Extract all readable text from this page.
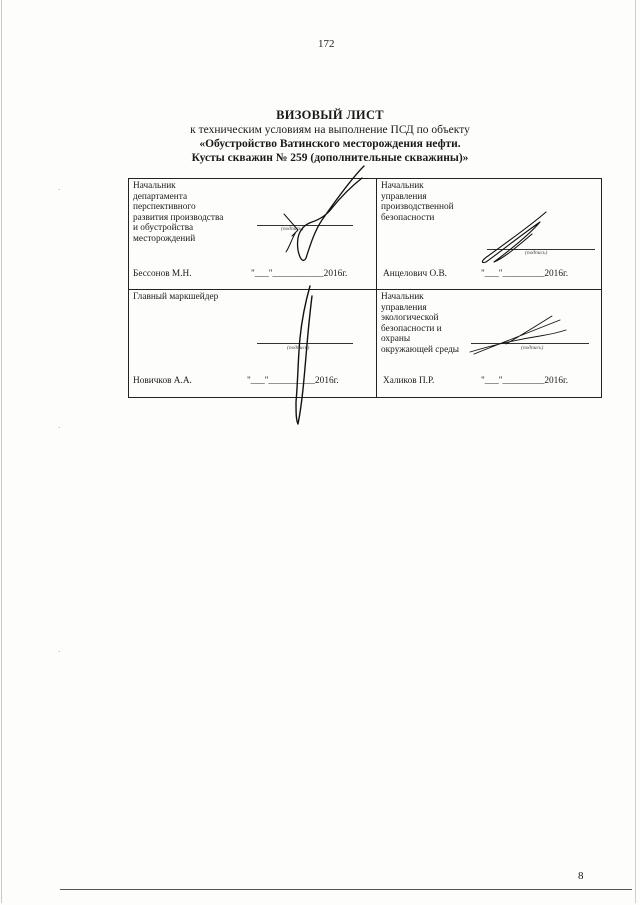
172
ВИЗОВЫЙ ЛИСТ
к техническим условиям на выполнение ПСД по объекту
«Обустройство Ватинского месторождения нефти.
Кусты скважин № 259 (дополнительные скважины)»
Начальник
департамента
перспективного
развития производства
и обустройства
месторождений
(подпись)
Бессонов М.Н.	"___"___________2016г.
Начальник
управления
производственной
безопасности
(подпись)
Анцелович О.В.	"___"_________2016г.
Главный маркшейдер
(подпись)
Новичков А.А.	"___"__________2016г.
Начальник
управления
экологической
безопасности и
охраны
окружающей среды	(подпись)
Халиков П.Р.	"___"_________2016г.
·
·
·
8
